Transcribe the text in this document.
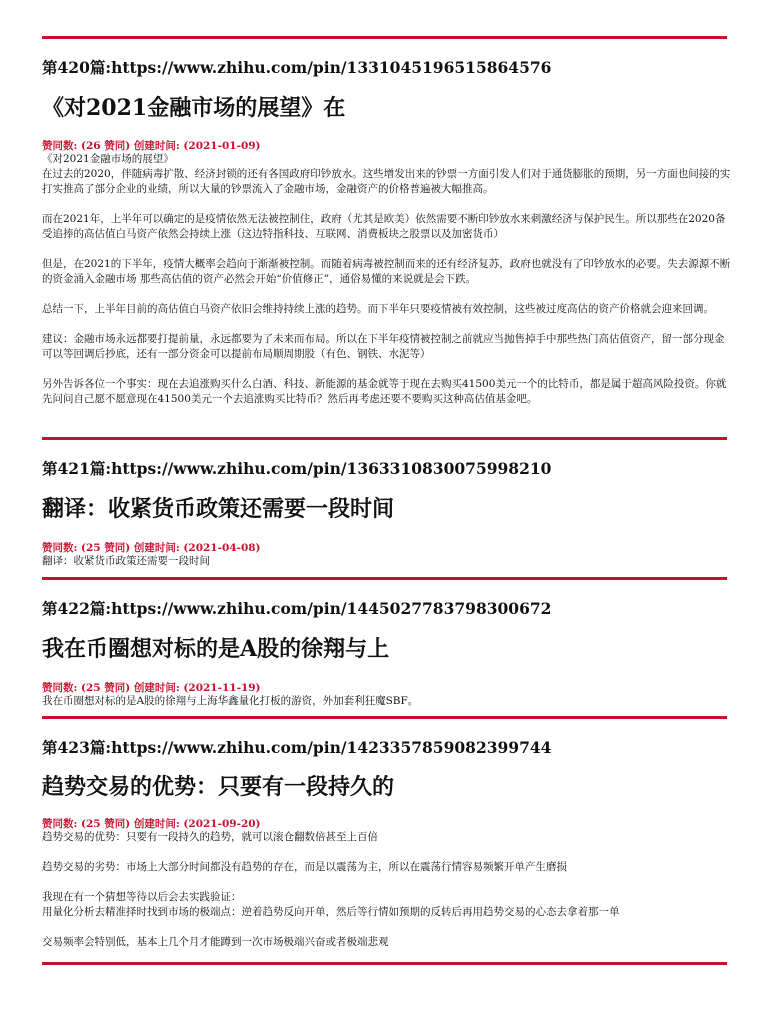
第420篇:https://www.zhihu.com/pin/1331045196515864576
《对2021金融市场的展望》在
赞同数: (26 赞同) 创建时间: (2021-01-09)

《对2021金融市场的展望》

在过去的2020，伴随病毒扩散、经济封锁的还有各国政府印钞放水。这些增发出来的钞票一方面引发人们对于通货膨胀的预期，另一方面也间接的实打实推高了部分企业的业绩，所以大量的钞票流入了金融市场，金融资产的价格普遍被大幅推高。

而在2021年，上半年可以确定的是疫情依然无法被控制住，政府（尤其是欧美）依然需要不断印钞放水来刺激经济与保护民生。所以那些在2020备受追捧的高估值白马资产依然会持续上涨（这边特指科技、互联网、消费板块之股票以及加密货币）

但是，在2021的下半年，疫情大概率会趋向于渐渐被控制。而随着病毒被控制而来的还有经济复苏，政府也就没有了印钞放水的必要。失去源源不断的资金涌入金融市场 那些高估值的资产必然会开始“价值修正”，通俗易懂的来说就是会下跌。

总结一下，上半年目前的高估值白马资产依旧会维持持续上涨的趋势。而下半年只要疫情被有效控制，这些被过度高估的资产价格就会迎来回调。

建议：金融市场永远都要打提前量，永远都要为了未来而布局。所以在下半年疫情被控制之前就应当抛售掉手中那些热门高估值资产，留一部分现金可以等回调后抄底，还有一部分资金可以提前布局顺周期股（有色、钢铁、水泥等）

另外告诉各位一个事实：现在去追涨购买什么白酒、科技、新能源的基金就等于现在去购买41500美元一个的比特币，都是属于超高风险投资。你就先问问自己愿不愿意现在41500美元一个去追涨购买比特币？然后再考虑还要不要购买这种高估值基金吧。

第421篇:https://www.zhihu.com/pin/1363310830075998210
翻译：收紧货币政策还需要一段时间
赞同数: (25 赞同) 创建时间: (2021-04-08)

翻译：收紧货币政策还需要一段时间

第422篇:https://www.zhihu.com/pin/1445027783798300672
我在币圈想对标的是A股的徐翔与上
赞同数: (25 赞同) 创建时间: (2021-11-19)

我在币圈想对标的是A股的徐翔与上海华鑫量化打板的游资，外加套利狂魔SBF。

第423篇:https://www.zhihu.com/pin/1423357859082399744
趋势交易的优势：只要有一段持久的
赞同数: (25 赞同) 创建时间: (2021-09-20)

趋势交易的优势：只要有一段持久的趋势，就可以滚仓翻数倍甚至上百倍

趋势交易的劣势：市场上大部分时间都没有趋势的存在，而是以震荡为主，所以在震荡行情容易频繁开单产生磨损

我现在有一个猜想等待以后会去实践验证：

用量化分析去精准择时找到市场的极端点：逆着趋势反向开单，然后等行情如预期的反转后再用趋势交易的心态去拿着那一单

交易频率会特别低，基本上几个月才能蹲到一次市场极端兴奋或者极端悲观
